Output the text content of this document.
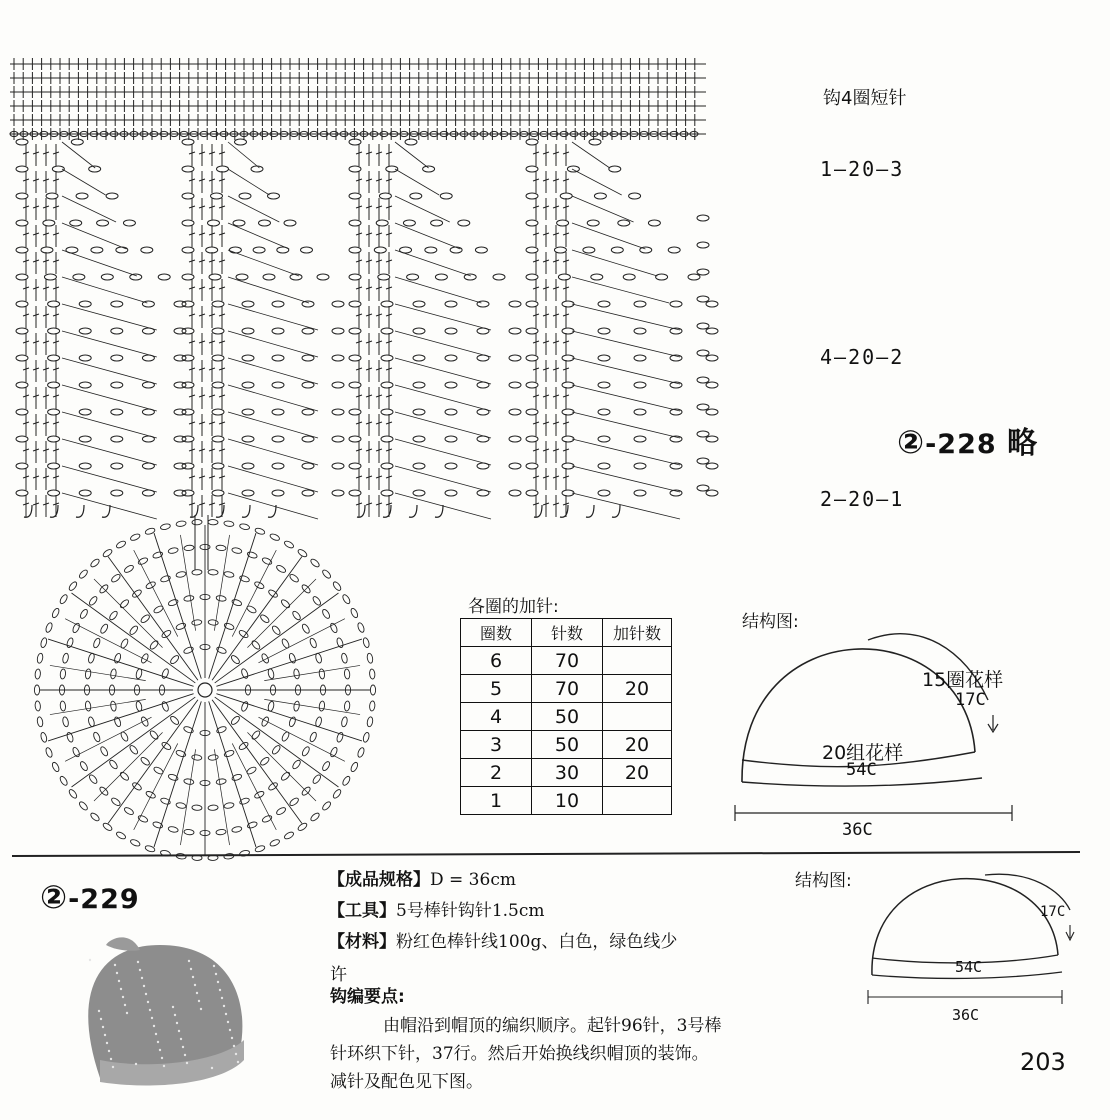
钩4圈短针
1—20—3
4—20—2
2—20—1
②-228 略
各圈的加针:
圈数	针数	加针数
6	70	
5	70	20
4	50	
3	50	20
2	30	20
1	10	
结构图:
15圈花样
17C
20组花样
54C
36C
②-229
【成品规格】D = 36cm
【工具】5号棒针钩针1.5cm
【材料】粉红色棒针线100g、白色，绿色线少
许
钩编要点:
由帽沿到帽顶的编织顺序。起针96针，3号棒
针环织下针，37行。然后开始换线织帽顶的装饰。
减针及配色见下图。
结构图:
17C
54C
36C
203
